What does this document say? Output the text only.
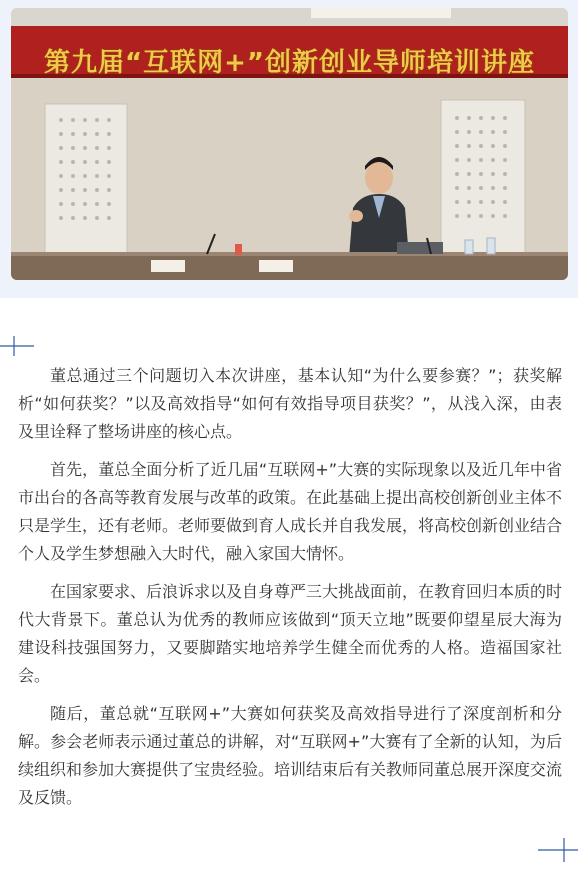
第九届“互联网+”创新创业导师培训讲座

董总通过三个问题切入本次讲座，基本认知“为什么要参赛？”；获奖解析“如何获奖？”以及高效指导“如何有效指导项目获奖？”，从浅入深，由表及里诠释了整场讲座的核心点。

首先，董总全面分析了近几届“互联网+”大赛的实际现象以及近几年中省市出台的各高等教育发展与改革的政策。在此基础上提出高校创新创业主体不只是学生，还有老师。老师要做到育人成长并自我发展，将高校创新创业结合个人及学生梦想融入大时代，融入家国大情怀。

在国家要求、后浪诉求以及自身尊严三大挑战面前，在教育回归本质的时代大背景下。董总认为优秀的教师应该做到“顶天立地”既要仰望星辰大海为建设科技强国努力，又要脚踏实地培养学生健全而优秀的人格。造福国家社会。

随后，董总就“互联网+”大赛如何获奖及高效指导进行了深度剖析和分解。参会老师表示通过董总的讲解，对“互联网+”大赛有了全新的认知，为后续组织和参加大赛提供了宝贵经验。培训结束后有关教师同董总展开深度交流及反馈。
